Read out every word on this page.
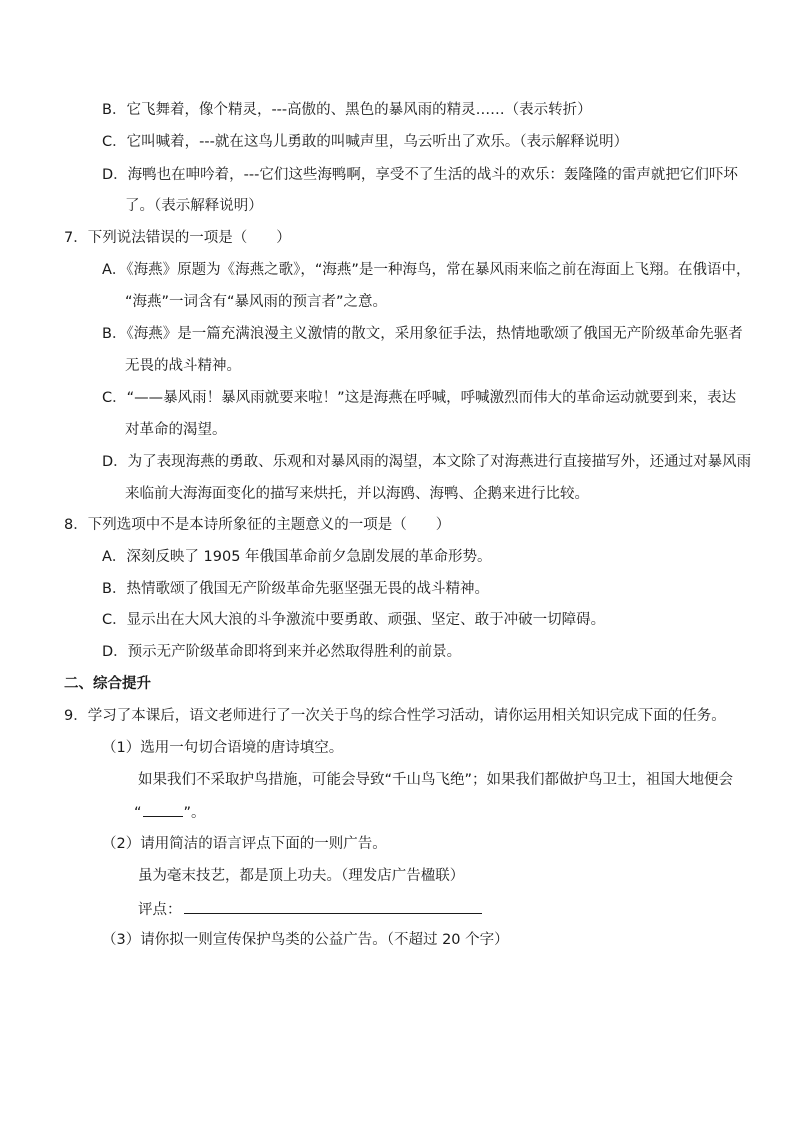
B．它飞舞着，像个精灵，---高傲的、黑色的暴风雨的精灵……（表示转折）
C．它叫喊着，---就在这鸟儿勇敢的叫喊声里，乌云听出了欢乐。（表示解释说明）
D．海鸭也在呻吟着，---它们这些海鸭啊，享受不了生活的战斗的欢乐：轰隆隆的雷声就把它们吓坏
了。（表示解释说明）
7．下列说法错误的一项是（　　）
A．《海燕》原题为《海燕之歌》，“海燕”是一种海鸟，常在暴风雨来临之前在海面上飞翔。在俄语中，
“海燕”一词含有“暴风雨的预言者”之意。
B．《海燕》是一篇充满浪漫主义激情的散文，采用象征手法，热情地歌颂了俄国无产阶级革命先驱者
无畏的战斗精神。
C．“——暴风雨！暴风雨就要来啦！”这是海燕在呼喊，呼喊激烈而伟大的革命运动就要到来，表达
对革命的渴望。
D．为了表现海燕的勇敢、乐观和对暴风雨的渴望，本文除了对海燕进行直接描写外，还通过对暴风雨
来临前大海海面变化的描写来烘托，并以海鸥、海鸭、企鹅来进行比较。
8．下列选项中不是本诗所象征的主题意义的一项是（　　）
A．深刻反映了 1905 年俄国革命前夕急剧发展的革命形势。
B．热情歌颂了俄国无产阶级革命先驱坚强无畏的战斗精神。
C．显示出在大风大浪的斗争激流中要勇敢、顽强、坚定、敢于冲破一切障碍。
D．预示无产阶级革命即将到来并必然取得胜利的前景。
二、综合提升
9．学习了本课后，语文老师进行了一次关于鸟的综合性学习活动，请你运用相关知识完成下面的任务。
（1）选用一句切合语境的唐诗填空。
如果我们不采取护鸟措施，可能会导致“千山鸟飞绝”；如果我们都做护鸟卫士，祖国大地便会
“	”。
（2）请用简洁的语言评点下面的一则广告。
虽为毫末技艺，都是顶上功夫。（理发店广告楹联）
评点：
（3）请你拟一则宣传保护鸟类的公益广告。（不超过 20 个字）
